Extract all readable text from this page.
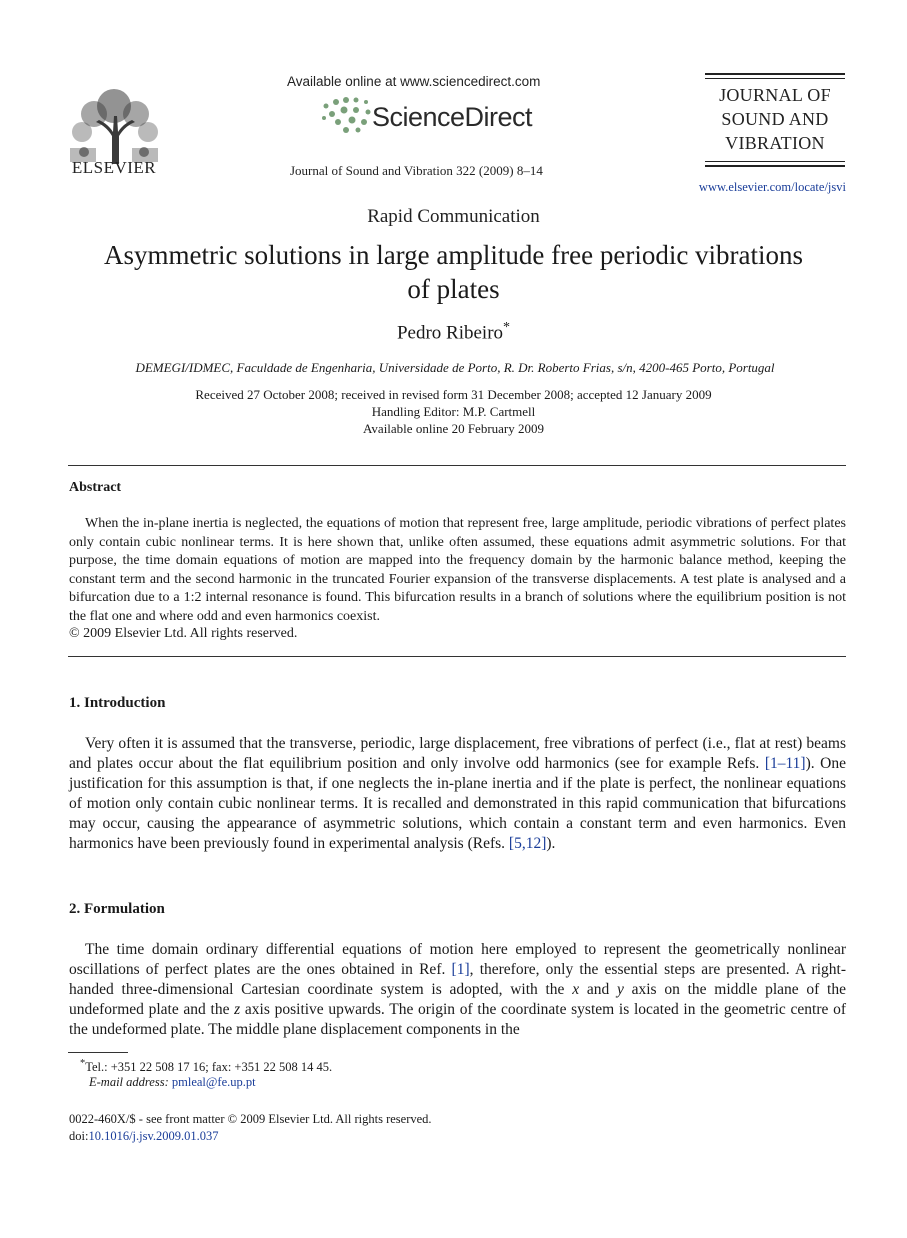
ELSEVIER
Available online at www.sciencedirect.com
ScienceDirect
Journal of Sound and Vibration 322 (2009) 8–14
JOURNAL OF
SOUND AND
VIBRATION
www.elsevier.com/locate/jsvi
Rapid Communication
Asymmetric solutions in large amplitude free periodic vibrations of plates
Pedro Ribeiro*
DEMEGI/IDMEC, Faculdade de Engenharia, Universidade de Porto, R. Dr. Roberto Frias, s/n, 4200-465 Porto, Portugal
Received 27 October 2008; received in revised form 31 December 2008; accepted 12 January 2009
Handling Editor: M.P. Cartmell
Available online 20 February 2009
Abstract
When the in-plane inertia is neglected, the equations of motion that represent free, large amplitude, periodic vibrations of perfect plates only contain cubic nonlinear terms. It is here shown that, unlike often assumed, these equations admit asymmetric solutions. For that purpose, the time domain equations of motion are mapped into the frequency domain by the harmonic balance method, keeping the constant term and the second harmonic in the truncated Fourier expansion of the transverse displacements. A test plate is analysed and a bifurcation due to a 1:2 internal resonance is found. This bifurcation results in a branch of solutions where the equilibrium position is not the flat one and where odd and even harmonics coexist.
© 2009 Elsevier Ltd. All rights reserved.
1. Introduction
Very often it is assumed that the transverse, periodic, large displacement, free vibrations of perfect (i.e., flat at rest) beams and plates occur about the flat equilibrium position and only involve odd harmonics (see for example Refs. [1–11]). One justification for this assumption is that, if one neglects the in-plane inertia and if the plate is perfect, the nonlinear equations of motion only contain cubic nonlinear terms. It is recalled and demonstrated in this rapid communication that bifurcations may occur, causing the appearance of asymmetric solutions, which contain a constant term and even harmonics. Even harmonics have been previously found in experimental analysis (Refs. [5,12]).
2. Formulation
The time domain ordinary differential equations of motion here employed to represent the geometrically nonlinear oscillations of perfect plates are the ones obtained in Ref. [1], therefore, only the essential steps are presented. A right-handed three-dimensional Cartesian coordinate system is adopted, with the x and y axis on the middle plane of the undeformed plate and the z axis positive upwards. The origin of the coordinate system is located in the geometric centre of the undeformed plate. The middle plane displacement components in the
*Tel.: +351 22 508 17 16; fax: +351 22 508 14 45.
E-mail address: pmleal@fe.up.pt
0022-460X/$ - see front matter © 2009 Elsevier Ltd. All rights reserved.
doi:10.1016/j.jsv.2009.01.037
